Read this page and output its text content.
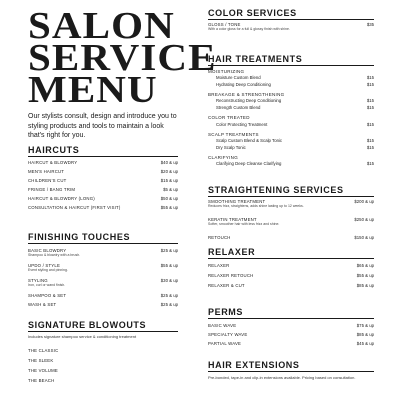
SALON
SERVICE
MENU

Our stylists consult, design and introduce you to styling products and tools to maintain a look that's right for you.

HAIRCUTS
HAIRCUT & BLOWDRY	$40 & up
MEN'S HAIRCUT	$20 & up
CHILDREN'S CUT	$15 & up
FRINGE / BANG TRIM	$5 & up
HAIRCUT & BLOWDRY (LONG)	$50 & up
CONSULTATION & HAIRCUT (FIRST VISIT)	$55 & up
FINISHING TOUCHES
BASIC BLOWDRY
Shampoo & blowdry with a brush.
$25 & up
UPDO / STYLE
Event styling and pinning.
$55 & up
STYLING
Iron, curl or wand finish.
$30 & up
SHAMPOO & SET	$25 & up
WASH & SET	$25 & up
SIGNATURE BLOWOUTS
Includes signature shampoo service & conditioning treatment
THE CLASSIC
THE SLEEK
THE VOLUME
THE BEACH
COLOR SERVICES
GLOSS / TONE
With a color gloss for a full & glossy finish with shine.
$35
HAIR TREATMENTS
MOISTURIZING
Moisture Custom Blend	$15
Hydrating Deep Conditioning	$15
BREAKAGE & STRENGTHENING
Reconstructing Deep Conditioning	$15
Strength Custom Blend	$15
COLOR TREATED
Color Protecting Treatment	$15
SCALP TREATMENTS
Scalp Custom Blend & Scalp Tonic	$15
Dry Scalp Tonic	$15
CLARIFYING
Clarifying Deep Cleanse Clarifying	$15
STRAIGHTENING SERVICES
SMOOTHING TREATMENT
Reduces frizz, straightens, adds shine lasting up to 12 weeks.
$200 & up
KERATIN TREATMENT
Softer, smoother hair with less frizz and shine.
$250 & up
RETOUCH	$150 & up
RELAXER
RELAXER	$65 & up
RELAXER RETOUCH	$55 & up
RELAXER & CUT	$85 & up
PERMS
BASIC WAVE	$75 & up
SPECIALTY WAVE	$85 & up
PARTIAL WAVE	$45 & up
HAIR EXTENSIONS
Pre-bonded, tape-in and clip-in extensions available. Pricing based on consultation.
